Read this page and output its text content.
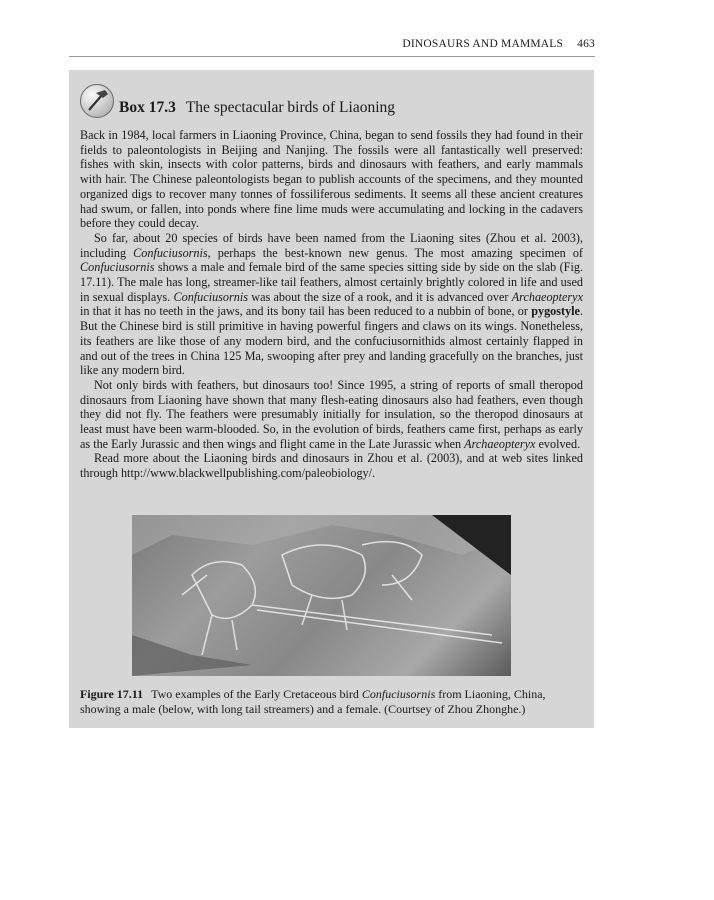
DINOSAURS AND MAMMALS 463
Box 17.3 The spectacular birds of Liaoning

Back in 1984, local farmers in Liaoning Province, China, began to send fossils they had found in their fields to paleontologists in Beijing and Nanjing. The fossils were all fantastically well preserved: fishes with skin, insects with color patterns, birds and dinosaurs with feathers, and early mammals with hair. The Chinese paleontologists began to publish accounts of the specimens, and they mounted organized digs to recover many tonnes of fossiliferous sediments. It seems all these ancient creatures had swum, or fallen, into ponds where fine lime muds were accumulating and locking in the cadavers before they could decay.

So far, about 20 species of birds have been named from the Liaoning sites (Zhou et al. 2003), including Confuciusornis, perhaps the best-known new genus. The most amazing specimen of Confuciusornis shows a male and female bird of the same species sitting side by side on the slab (Fig. 17.11). The male has long, streamer-like tail feathers, almost certainly brightly colored in life and used in sexual displays. Confuciusornis was about the size of a rook, and it is advanced over Archaeopteryx in that it has no teeth in the jaws, and its bony tail has been reduced to a nubbin of bone, or pygostyle. But the Chinese bird is still primitive in having powerful fingers and claws on its wings. Nonetheless, its feathers are like those of any modern bird, and the confuciusornithids almost certainly flapped in and out of the trees in China 125 Ma, swooping after prey and landing gracefully on the branches, just like any modern bird.

Not only birds with feathers, but dinosaurs too! Since 1995, a string of reports of small theropod dinosaurs from Liaoning have shown that many flesh-eating dinosaurs also had feathers, even though they did not fly. The feathers were presumably initially for insulation, so the theropod dinosaurs at least must have been warm-blooded. So, in the evolution of birds, feathers came first, perhaps as early as the Early Jurassic and then wings and flight came in the Late Jurassic when Archaeopteryx evolved.

Read more about the Liaoning birds and dinosaurs in Zhou et al. (2003), and at web sites linked through http://www.blackwellpublishing.com/paleobiology/.

Figure 17.11 Two examples of the Early Cretaceous bird Confuciusornis from Liaoning, China, showing a male (below, with long tail streamers) and a female. (Courtsey of Zhou Zhonghe.)
